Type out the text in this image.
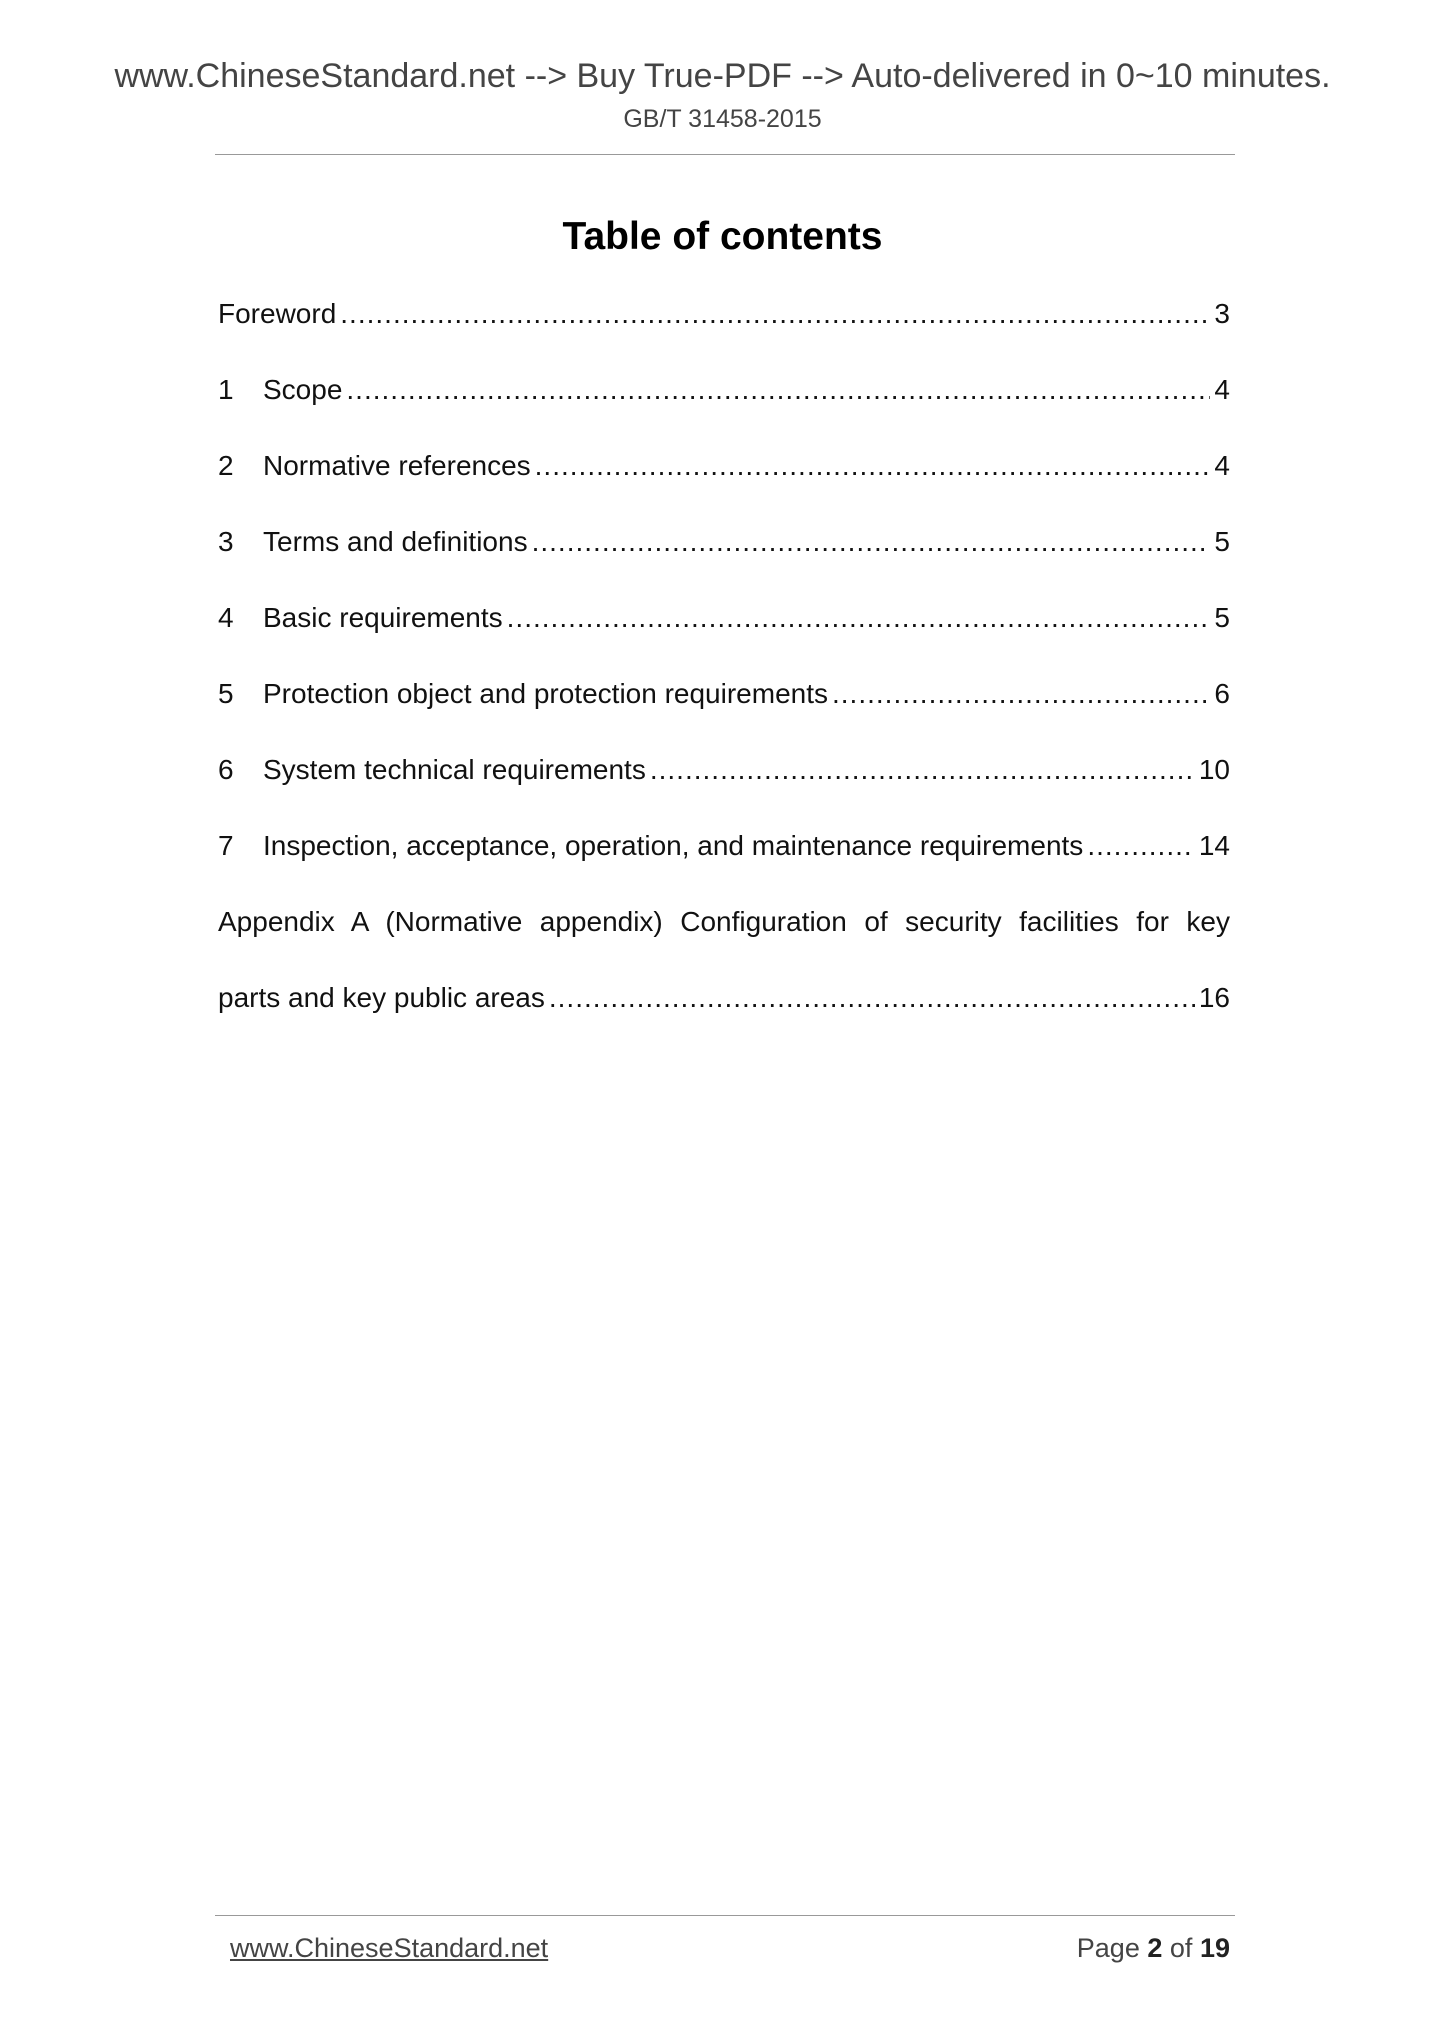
www.ChineseStandard.net --> Buy True-PDF --> Auto-delivered in 0~10 minutes.
GB/T 31458-2015
Table of contents
Foreword .....	3
1	Scope .....	4
2	Normative references .....	4
3	Terms and definitions .....	5
4	Basic requirements .....	5
5	Protection object and protection requirements .....	6
6	System technical requirements .....	10
7	Inspection, acceptance, operation, and maintenance requirements .....	14
Appendix A (Normative appendix) Configuration of security facilities for key
parts and key public areas .....	16
www.ChineseStandard.net	Page 2 of 19
